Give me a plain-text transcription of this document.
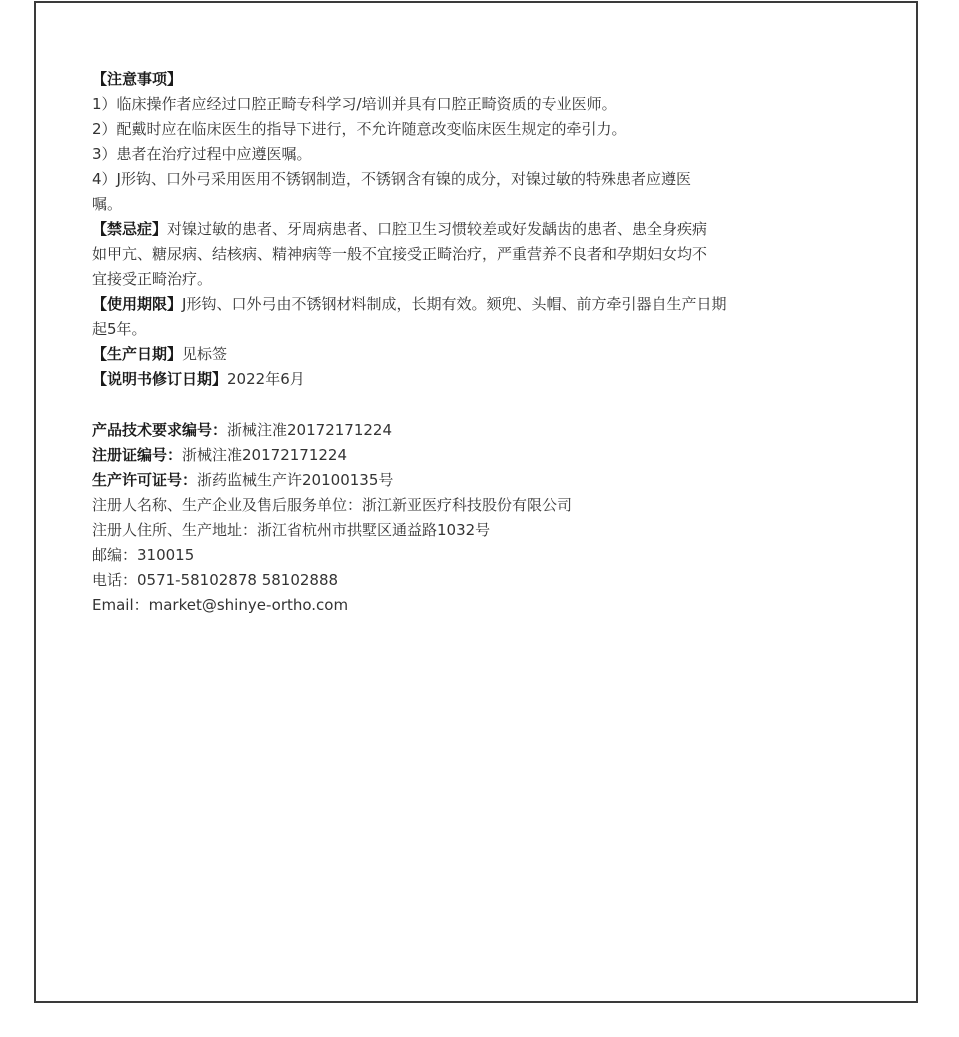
【注意事项】

1）临床操作者应经过口腔正畸专科学习/培训并具有口腔正畸资质的专业医师。

2）配戴时应在临床医生的指导下进行，不允许随意改变临床医生规定的牵引力。

3）患者在治疗过程中应遵医嘱。

4）J形钩、口外弓采用医用不锈钢制造，不锈钢含有镍的成分，对镍过敏的特殊患者应遵医

嘱。

【禁忌症】对镍过敏的患者、牙周病患者、口腔卫生习惯较差或好发龋齿的患者、患全身疾病

如甲亢、糖尿病、结核病、精神病等一般不宜接受正畸治疗，严重营养不良者和孕期妇女均不

宜接受正畸治疗。

【使用期限】J形钩、口外弓由不锈钢材料制成，长期有效。颏兜、头帽、前方牵引器自生产日期

起5年。

【生产日期】见标签

【说明书修订日期】2022年6月

产品技术要求编号：浙械注准20172171224

注册证编号：浙械注准20172171224

生产许可证号：浙药监械生产许20100135号

注册人名称、生产企业及售后服务单位：浙江新亚医疗科技股份有限公司

注册人住所、生产地址：浙江省杭州市拱墅区通益路1032号

邮编：310015

电话：0571-58102878 58102888

Email：market@shinye-ortho.com
